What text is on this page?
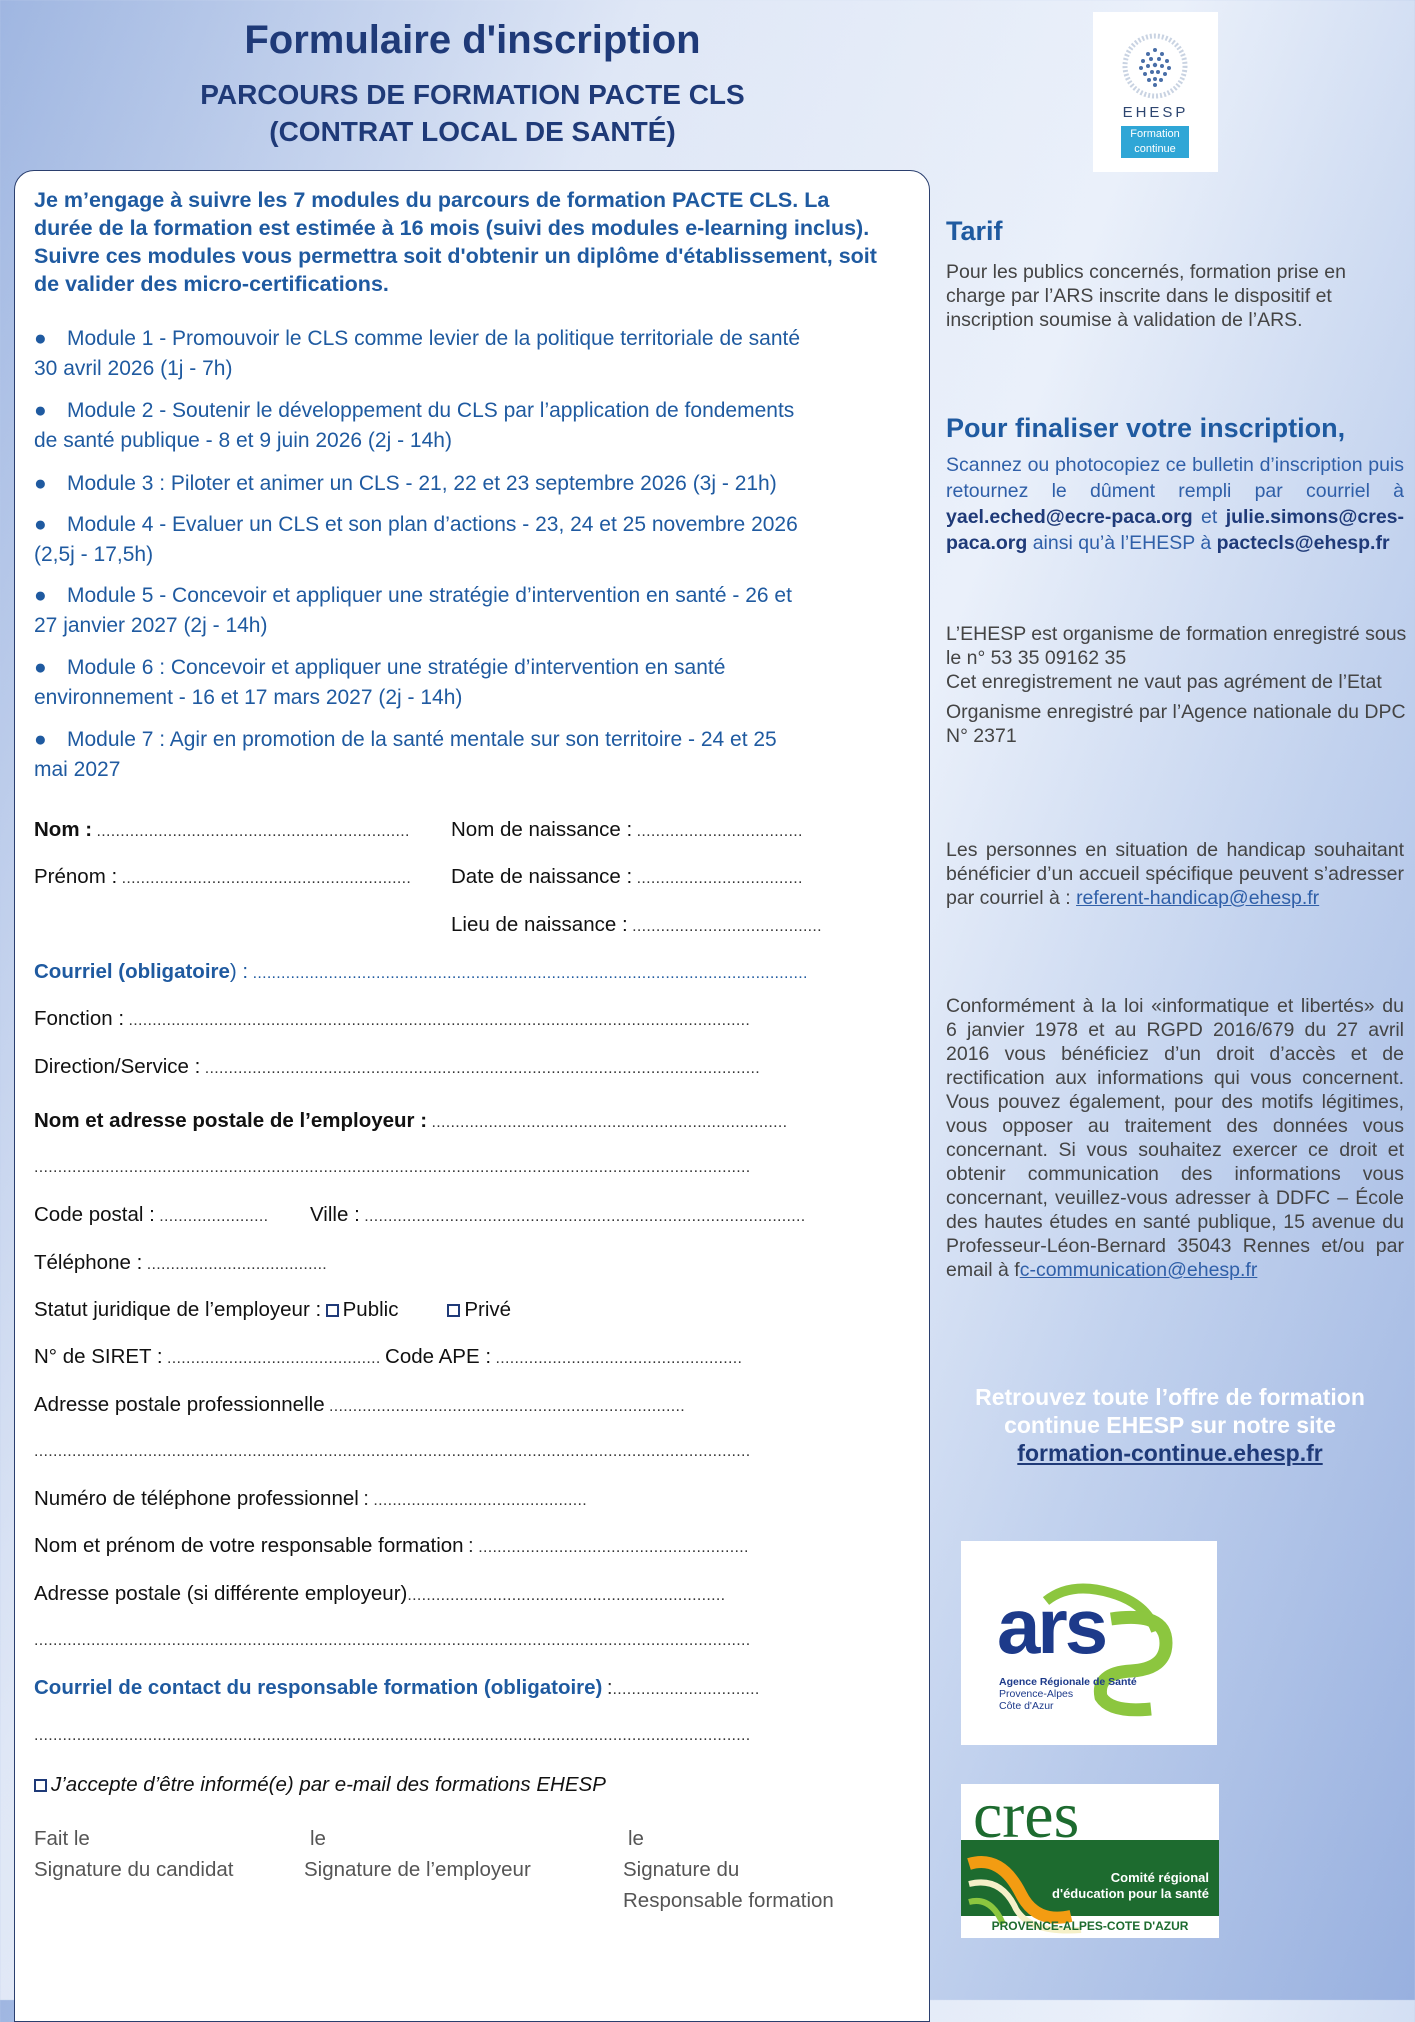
Formulaire d'inscription
PARCOURS DE FORMATION PACTE CLS
(CONTRAT LOCAL DE SANTÉ)
EHESP
Formation
continue
Je m’engage à suivre les 7 modules du parcours de formation PACTE CLS. La durée de la formation est estimée à 16 mois (suivi des modules e-learning inclus). Suivre ces modules vous permettra soit d'obtenir un diplôme d'établissement, soit de valider des micro-certifications.
● Module 1 - Promouvoir le CLS comme levier de la politique territoriale de santé
30 avril 2026 (1j - 7h)
● Module 2 - Soutenir le développement du CLS par l’application de fondements
de santé publique - 8 et 9 juin 2026 (2j - 14h)
● Module 3 : Piloter et animer un CLS - 21, 22 et 23 septembre 2026 (3j - 21h)
● Module 4 - Evaluer un CLS et son plan d’actions - 23, 24 et 25 novembre 2026
(2,5j - 17,5h)
● Module 5 - Concevoir et appliquer une stratégie d’intervention en santé - 26 et
27 janvier 2027 (2j - 14h)
● Module 6 : Concevoir et appliquer une stratégie d’intervention en santé
environnement - 16 et 17 mars 2027 (2j - 14h)
● Module 7 : Agir en promotion de la santé mentale sur son territoire - 24 et 25
mai 2027
Nom : .................................................................. Nom de naissance : ...................................
Prénom : ............................................................. Date de naissance : ...................................
Lieu de naissance : ........................................
Courriel (obligatoire) : .....................................................................................................................
Fonction : ...................................................................................................................................
Direction/Service : .....................................................................................................................
Nom et adresse postale de l’employeur : ...........................................................................
.......................................................................................................................................................
Code postal : ....................... Ville : .............................................................................................
Téléphone : ......................................
Statut juridique de l’employeur : Public	Privé
N° de SIRET : ............................................. Code APE : ....................................................
Adresse postale professionnelle ...........................................................................
.......................................................................................................................................................
Numéro de téléphone professionnel : .............................................
Nom et prénom de votre responsable formation : .........................................................
Adresse postale (si différente employeur)...................................................................
.......................................................................................................................................................
Courriel de contact du responsable formation (obligatoire) :...............................
.......................................................................................................................................................
J’accepte d’être informé(e) par e-mail des formations EHESP
Fait le
Signature du candidat
le
Signature de l’employeur
le
Signature du
Responsable formation
Tarif
Pour les publics concernés, formation prise en charge par l’ARS inscrite dans le dispositif et inscription soumise à validation de l’ARS.
Pour finaliser votre inscription,
Scannez ou photocopiez ce bulletin d’inscription puis retournez le dûment rempli par courriel à yael.eched@ecre-paca.org et julie.simons@cres-paca.org ainsi qu’à l’EHESP à pactecls@ehesp.fr
L’EHESP est organisme de formation enregistré sous le n° 53 35 09162 35
Cet enregistrement ne vaut pas agrément de l’Etat
Organisme enregistré par l’Agence nationale du DPC N° 2371
Les personnes en situation de handicap souhaitant bénéficier d’un accueil spécifique peuvent s’adresser par courriel à : referent-handicap@ehesp.fr
Conformément à la loi «informatique et libertés» du 6 janvier 1978 et au RGPD 2016/679 du 27 avril 2016 vous bénéficiez d’un droit d’accès et de rectification aux informations qui vous concernent. Vous pouvez également, pour des motifs légitimes, vous opposer au traitement des données vous concernant. Si vous souhaitez exercer ce droit et obtenir communication des informations vous concernant, veuillez-vous adresser à DDFC – École des hautes études en santé publique, 15 avenue du Professeur-Léon-Bernard 35043 Rennes et/ou par email à fc-communication@ehesp.fr
Retrouvez toute l’offre de formation
continue EHESP sur notre site
formation-continue.ehesp.fr
ars
Agence Régionale de Santé
Provence-Alpes
Côte d'Azur
cres
Comité régional
d'éducation pour la santé
PROVENCE-ALPES-COTE D'AZUR
